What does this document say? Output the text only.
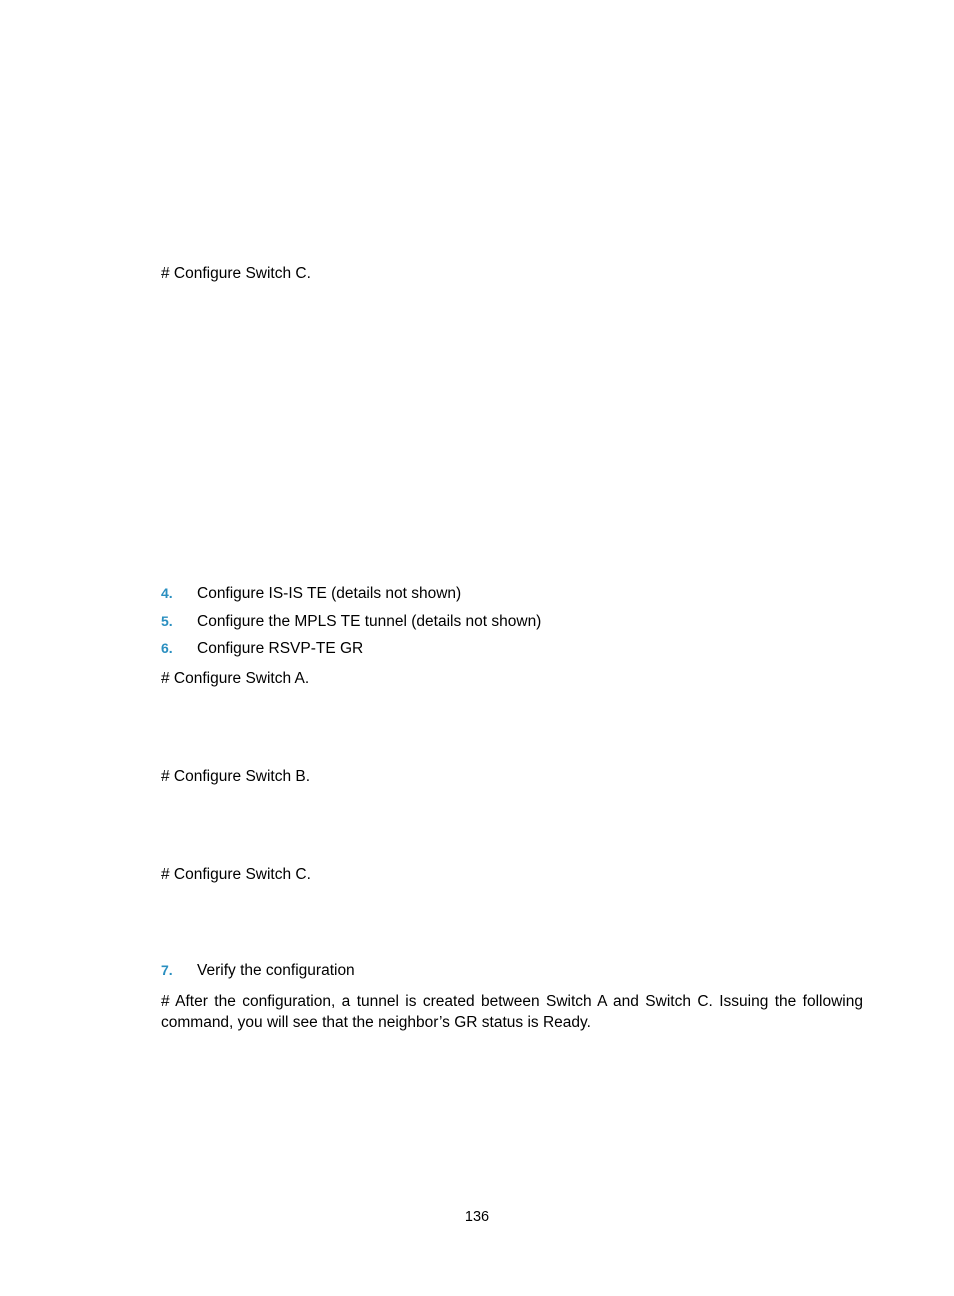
# Configure Switch C.
4. Configure IS-IS TE (details not shown)
5. Configure the MPLS TE tunnel (details not shown)
6. Configure RSVP-TE GR
# Configure Switch A.
# Configure Switch B.
# Configure Switch C.
7. Verify the configuration
# After the configuration, a tunnel is created between Switch A and Switch C. Issuing the following command, you will see that the neighbor’s GR status is Ready.
136
